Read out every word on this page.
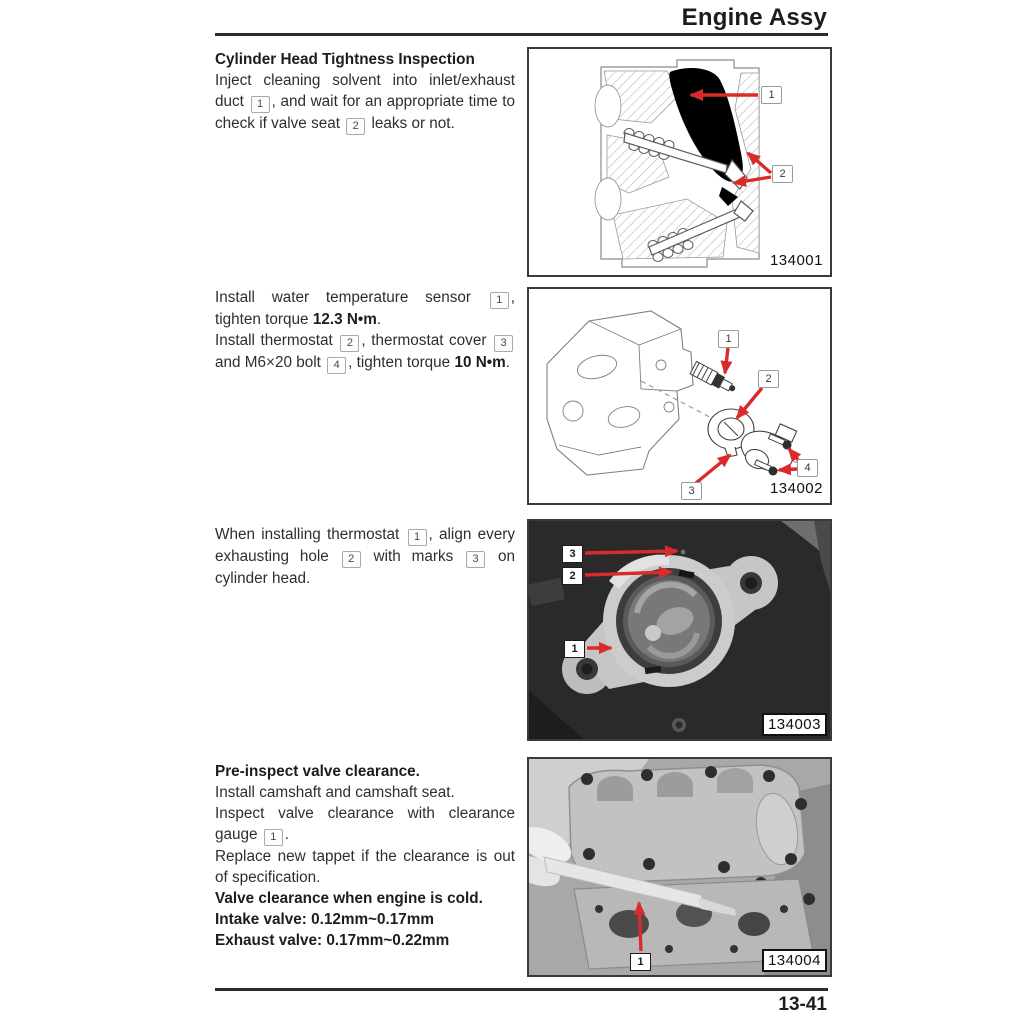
Engine Assy
Cylinder Head Tightness Inspection
Inject cleaning solvent into inlet/exhaust duct 1 , and wait for an appropriate time to check if valve seat 2 leaks or not.
1
2
134001
Install water temperature sensor 1 , tighten torque 12.3 N•m.
Install thermostat 2 , thermostat cover 3 and M6×20 bolt 4 , tighten torque 10 N•m.
1
2
3
4
134002
When installing thermostat 1 , align every exhausting hole 2 with marks 3 on cylinder head.
3
2
1
134003
Pre-inspect valve clearance.
Install camshaft and camshaft seat.
Inspect valve clearance with clearance gauge 1 .
Replace new tappet if the clearance is out of specification.
Valve clearance when engine is cold.
Intake valve: 0.12mm~0.17mm
Exhaust valve: 0.17mm~0.22mm
1	134004
13-41
